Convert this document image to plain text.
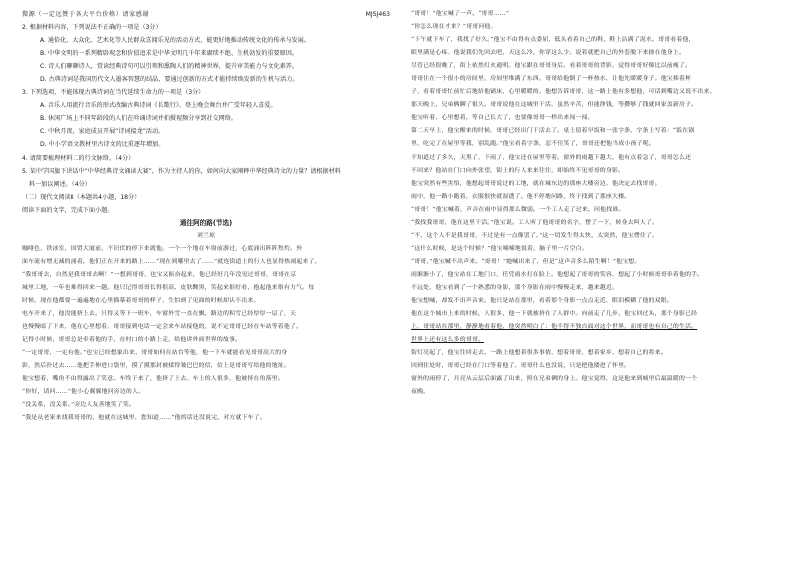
微源（一定远赞于各大平台价格）请家感谢	MJSJ463

2. 根据材料内容，下列说法不正确的一项是（3分）

A. 通俗化、大众化、艺术化等人民群众喜闻乐见的活动方式，能更好地推动传统文化的传承与发展。

B. 中华文明的一系列精辟观念和价值追求是中华文明几千年来赓续不绝、生机勃发的重要原因。

C. 诗人们聊聊诗人，赏读经典诗句可以引领和熏陶人们的精神世界，提升审美能力与文化素养。

D. 古典诗词是我国历代文人墨客智慧的结晶，要通过创新的方式才能持续焕发新的生机与活力。

3. 下列选项，不能体现古典诗词在当代延续生命力的一项是（3分）

A. 音乐人用流行音乐的形式改编古典诗词《长歌行》，登上晚会舞台并广受年轻人喜爱。

B. 休闲广场上不同年龄段的人们在吟诵诗词并拍摄视频分享到社交网络。

C. 中秋月夜，家庭成员开展“诗词接龙”活动。

D. 中小学语文教材里古诗文的比重逐年增加。

4. 请简要梳理材料二的行文脉络。（4分）

5. 某中学国旗下讲话中“中华经典诗文诵读大赛”，作为主持人的你，如何向大家阐释中华经典诗文的力量？请根据材料

料一加以阐述。（4分）

（二）现代文阅读Ⅱ（本题共4小题，18分）

阅读下面的文字，完成下面小题。

通往阿的路(节选)

刘兰琼

咖啡色，铁冰室，国贸大厦前，不识伏的停下来就他。一个一个地在车窗前游过，心底涌出阵阵焦灼。外

面车流有增无减的涌着，他们正在开来的路上……“现在到哪里去了……”就连街道上的行人也显得热闹起来了。

“我哥哥去，自然是我哥哥去啊！”一想到哥哥，也宝又振奋起来，他已经好几年没见过哥哥，哥哥在京

城里工地，一年也难得回来一趟。他只记得哥哥长得很高，皮肤黝黑，笑起来很好看，抱起他来很有力气。每

时候，现在他都要一遍遍地在心里描摹着哥哥的样子，生怕到了见面的时候却认不出来。

电车开来了，他没能挤上去。只得又等下一班车，车窗外雪一直在飘，路边的积雪已经厚厚一层了，天

也慢慢暗了下来，他在心里想着，哥哥接到电话一定会来车站接他的，说不定哥哥已经在车站等着他了。

记得小时候，哥哥总是牵着他的手，在村口的小路上走，给他讲外面世界的故事。

“一定哥哥，一定有他。”也宝已经想象出来，哥哥如何在站台等他，他一下车就能看见哥哥高大的身

影，然后扑过去……他把手伸进口袋里，摸了摸那封被揉得皱巴巴的信，信上是哥哥写给他的地址。

他宝想着，嘴角不由得露出了笑意。车终于来了，他挤了上去。车上的人很多，他被挤在角落里。

“你好，请问……”他小心翼翼地问旁边的人。

“没关系，没关系。”旁边人友善地笑了笑。

“我是从老家来找我哥哥的，他就在这城里，您知道……”他的话还没说完，对方就下车了。

“哥哥！”他宝喊了一声。“哥哥……”

“你怎么现在才来？”哥哥问他。

“下午就下车了，我找了好久。”他宝不由得有点委屈，低头看着自己的鞋，鞋上沾满了泥水。哥哥看着他，

眼里满是心疼。他说我们先回去吧，天这么冷，你穿这么少。说着就把自己的外套脱下来披在他身上。

尽管已经很晚了，街上依然灯火通明。他宝跟在哥哥身后，看着哥哥的背影，觉得哥哥好像比以前瘦了。

哥哥住在一个很小的房间里，房间里堆满了东西。哥哥给他倒了一杯热水，让他先暖暖身子。他宝捧着杯

子，看着哥哥忙前忙后地给他铺床，心里暖暖的。他想告诉哥哥，这一路上他有多想他，可话到嘴边又说不出来。

那天晚上，兄弟俩聊了很久。哥哥说他在这城里干活，虽然辛苦，但能挣钱，等攒够了钱就回家盖新房子。

他宝听着，心里想着，等自己长大了，也要像哥哥一样出来闯一闯。

第二天早上，他宝醒来的时候，哥哥已经出门干活去了。桌上留着早饭和一张字条，字条上写着：“饭在锅

里，吃完了在屋里等我，别乱跑。”他宝看着字条，忍不住笑了，哥哥还把他当成小孩子呢。

不知道过了多久，天黑了，下雨了，他宝还在屋里等着。窗外的雨越下越大，他有点着急了，哥哥怎么还

不回来？他站在门口向外张望，街上的行人来来往往，却始终不见哥哥的身影。

他宝突然有些害怕，他想起哥哥说过的工地，就在城东边的那座大楼旁边。他决定去找哥哥。

雨中，他一路小跑着，衣服很快就湿透了。他不停地问路，终于找到了那座大楼。

“哥哥！”他宝喊着，声音在雨中显得那么微弱。一个工人走了过来，问他找谁。

“我找我哥哥，他在这里干活。”他宝说。工人听了他哥哥的名字，愣了一下，转身去叫人了。

“不，这个人不是我哥哥，不过是有一点像罢了。”这一切发生得太快，太突然，他宝愣住了。

“这什么时候，是这个时候？”他宝喃喃地说着，脑子里一片空白。

“哥哥，”他宝喊不出声来。“哥哥！”她喊出来了，但是“这声音多么陌生啊！”他宝想。

雨渐渐小了，他宝站在工地门口，任凭雨水打在脸上。他想起了哥哥的笑容，想起了小时候哥哥牵着他的手。

不远处，他宝看到了一个熟悉的身影，那个身影在雨中慢慢走来，越来越近。

他宝想喊，却发不出声音来。他只是站在那里，看着那个身影一点点走近，眼泪模糊了他的双眼。

他在这个城市上来的时候，人很多，他一下就被挤在了人群中。向前走了几步，他宝回过头，那个身影已经

上，哥哥站在那里，静静地看着他，他突然明白了：他不得不独自面对这个世界，而哥哥也有自己的生活。

世界上还有这么多的哥哥。

街灯亮起了，他宝往回走去，一路上他想着很多事情，想着哥哥，想着家乡，想着自己的将来。

回到住处时，哥哥已经在门口等着他了。哥哥什么也没说，只是把他搂进了怀里。

窗外的雨停了，月亮从云层后面露了出来，照在兄弟俩的身上。他宝觉得，这是他来到城里后最温暖的一个

夜晚。
